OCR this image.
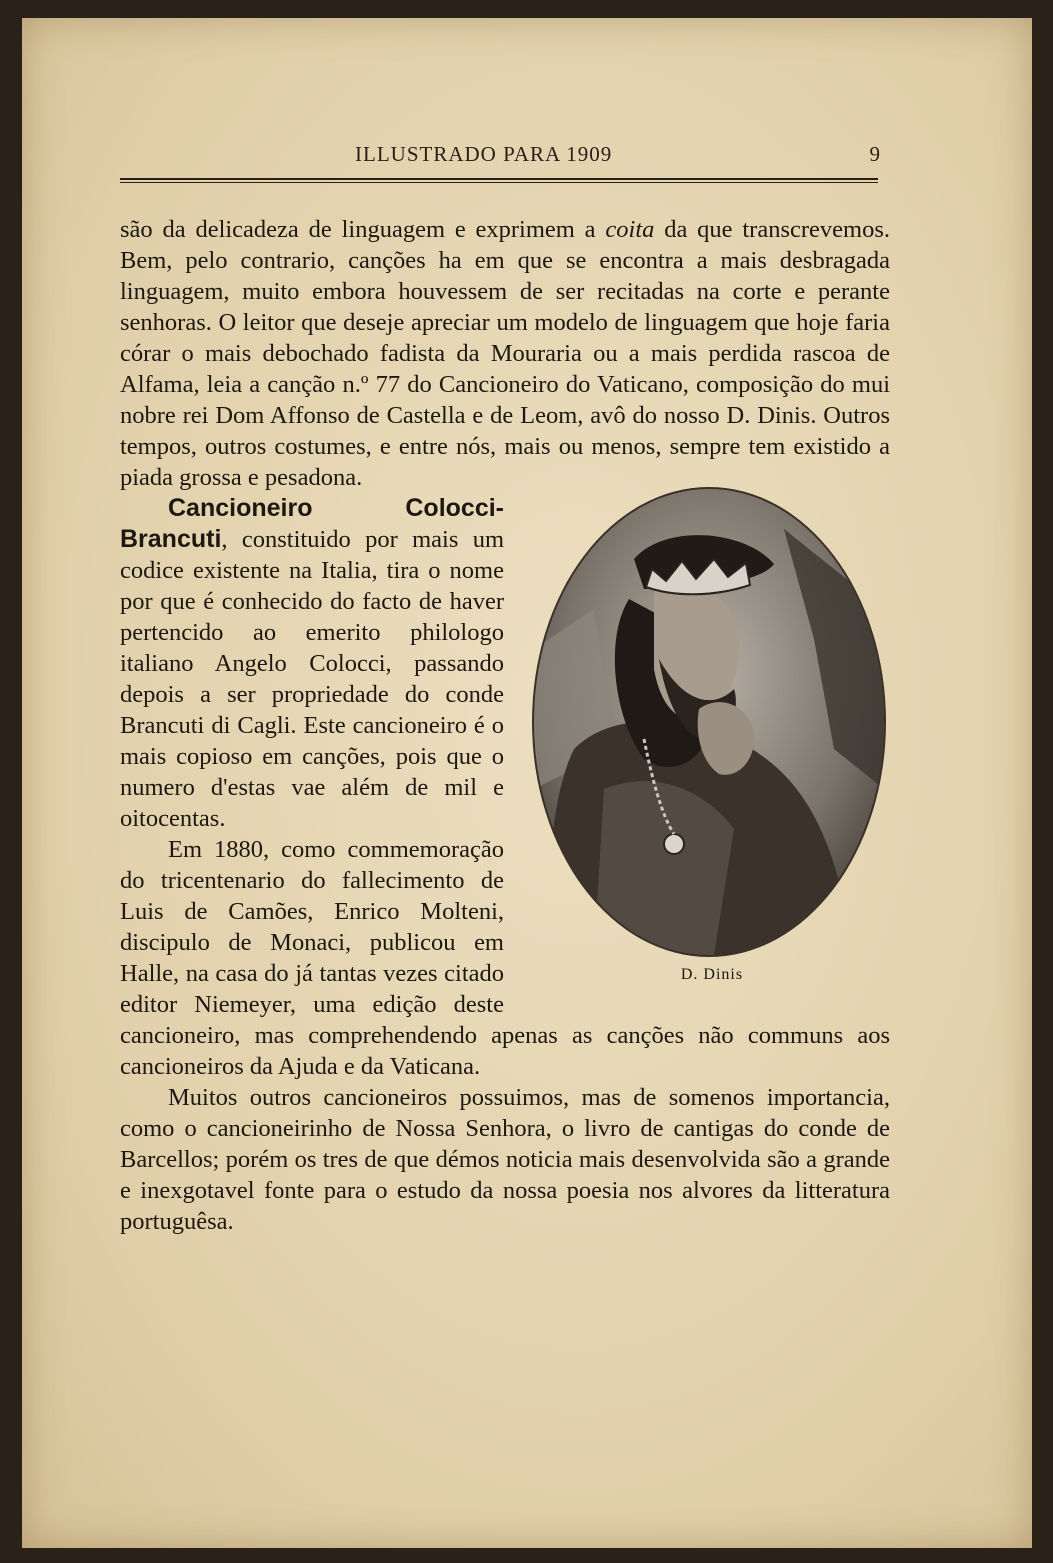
ILLUSTRADO PARA 1909	9

são da delicadeza de linguagem e exprimem a coita da que transcrevemos. Bem, pelo contrario, canções ha em que se encontra a mais desbragada linguagem, muito embora houvessem de ser recitadas na corte e perante senhoras. O leitor que deseje apreciar um modelo de linguagem que hoje faria córar o mais debochado fadista da Mouraria ou a mais perdida rascoa de Alfama, leia a canção n.º 77 do Cancioneiro do Vaticano, composição do mui nobre rei Dom Affonso de Castella e de Leom, avô do nosso D. Dinis. Outros tempos, outros costumes, e entre nós, mais ou menos, sempre tem existido a piada grossa e pesadona.

D. Dinis

Cancioneiro Colocci-Brancuti, constituido por mais um codice existente na Italia, tira o nome por que é conhecido do facto de haver pertencido ao emerito philologo italiano Angelo Colocci, passando depois a ser propriedade do conde Brancuti di Cagli. Este cancioneiro é o mais copioso em canções, pois que o numero d'estas vae além de mil e oitocentas.

Em 1880, como commemoração do tricentenario do fallecimento de Luis de Camões, Enrico Molteni, discipulo de Monaci, publicou em Halle, na casa do já tantas vezes citado editor Niemeyer, uma edição deste cancioneiro, mas comprehendendo apenas as canções não communs aos cancioneiros da Ajuda e da Vaticana.

Muitos outros cancioneiros possuimos, mas de somenos importancia, como o cancioneirinho de Nossa Senhora, o livro de cantigas do conde de Barcellos; porém os tres de que démos noticia mais desenvolvida são a grande e inexgotavel fonte para o estudo da nossa poesia nos alvores da litteratura portuguêsa.
